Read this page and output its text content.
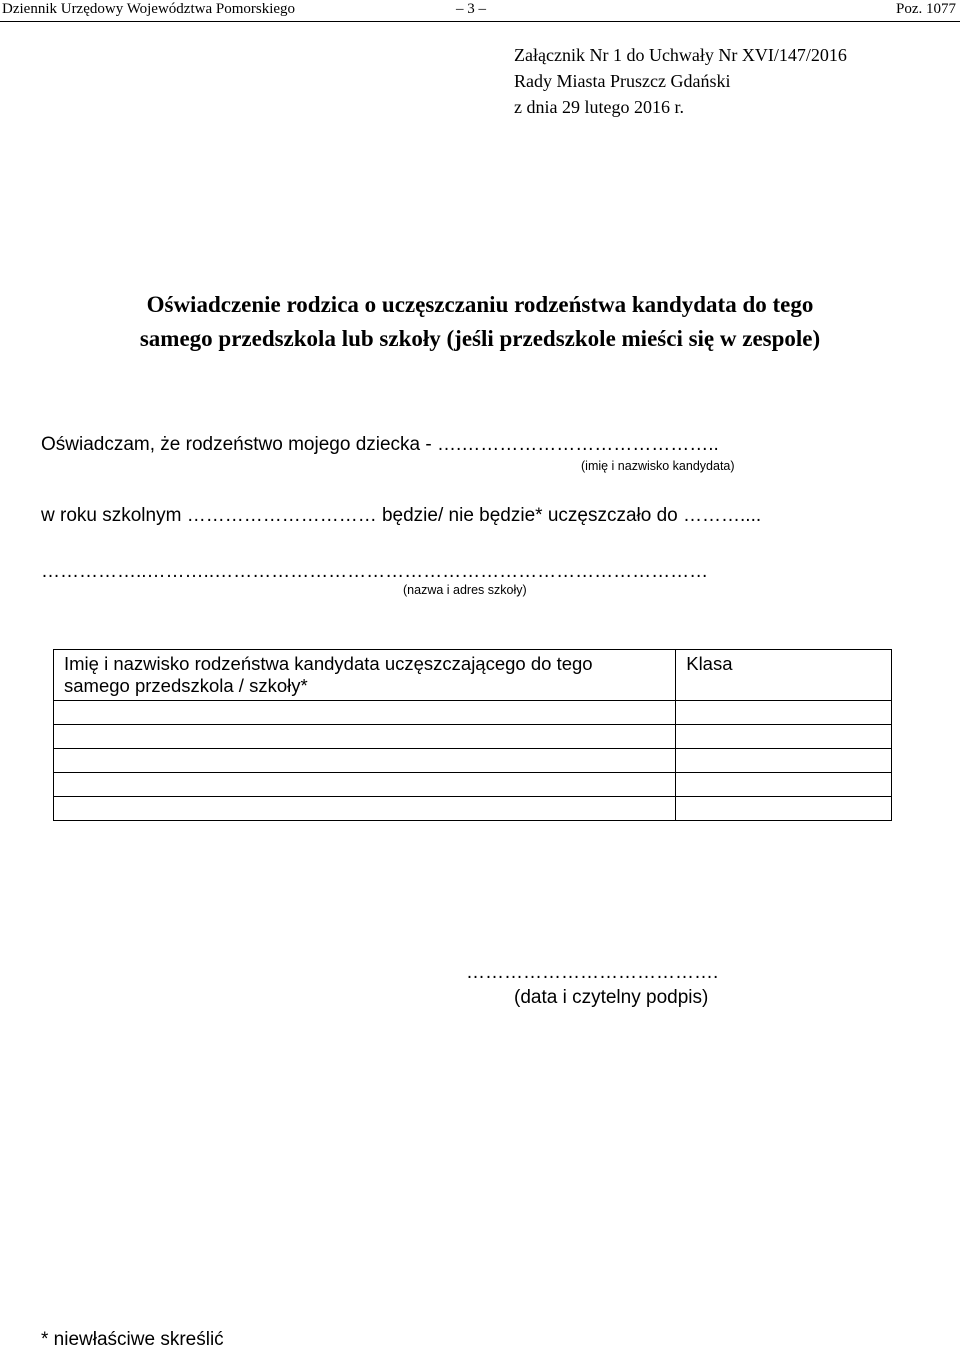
Dziennik Urzędowy Województwa Pomorskiego	– 3 –	Poz. 1077
Załącznik Nr 1 do Uchwały Nr XVI/147/2016
Rady Miasta Pruszcz Gdański
z dnia 29 lutego 2016 r.
Oświadczenie rodzica o uczęszczaniu rodzeństwa kandydata do tego
samego przedszkola lub szkoły (jeśli przedszkole mieści się w zespole)
Oświadczam, że rodzeństwo mojego dziecka - ….…………………………………..
(imię i nazwisko kandydata)
w roku szkolnym ………………………… będzie/ nie będzie* uczęszczało do ………....
……………..………..……………………………………………………………………
(nazwa i adres szkoły)
Imię i nazwisko rodzeństwa kandydata uczęszczającego do tego
samego przedszkola / szkoły*	Klasa

………………………………….
(data i czytelny podpis)
* niewłaściwe skreślić
